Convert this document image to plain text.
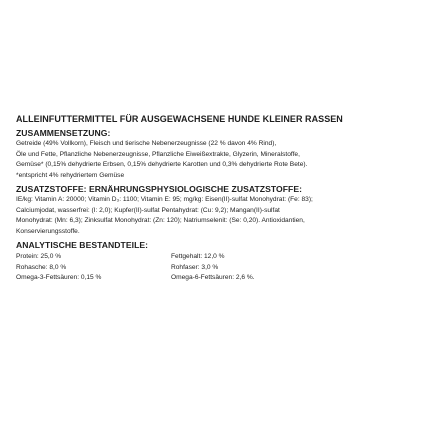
ALLEINFUTTERMITTEL FÜR AUSGEWACHSENE HUNDE KLEINER RASSEN
ZUSAMMENSETZUNG:

Getreide (49% Vollkorn), Fleisch und tierische Nebenerzeugnisse (22 % davon 4% Rind),
Öle und Fette, Pflanzliche Nebenerzeugnisse, Pflanzliche Eiweißextrakte, Glyzerin, Mineralstoffe,
Gemüse* (0,15% dehydrierte Erbsen, 0,15% dehydrierte Karotten und 0,3% dehydrierte Rote Bete).
*entspricht 4% rehydriertem Gemüse

ZUSATZSTOFFE: ERNÄHRUNGSPHYSIOLOGISCHE ZUSATZSTOFFE:

IE/kg: Vitamin A: 20000; Vitamin D₃: 1100; Vitamin E: 95; mg/kg: Eisen(II)-sulfat Monohydrat: (Fe: 83);
Calciumjodat, wasserfrei: (I: 2,0); Kupfer(II)-sulfat Pentahydrat: (Cu: 9,2); Mangan(II)-sulfat
Monohydrat: (Mn: 6,3); Zinksulfat Monohydrat: (Zn: 120); Natriumselenit: (Se: 0,20). Antioxidantien,
Konservierungsstoffe.

ANALYTISCHE BESTANDTEILE:
Protein: 25,0 %	Fettgehalt: 12,0 %
Rohasche: 8,0 %	Rohfaser: 3,0 %
Omega-3-Fettsäuren: 0,15 %	Omega-6-Fettsäuren: 2,6 %.
